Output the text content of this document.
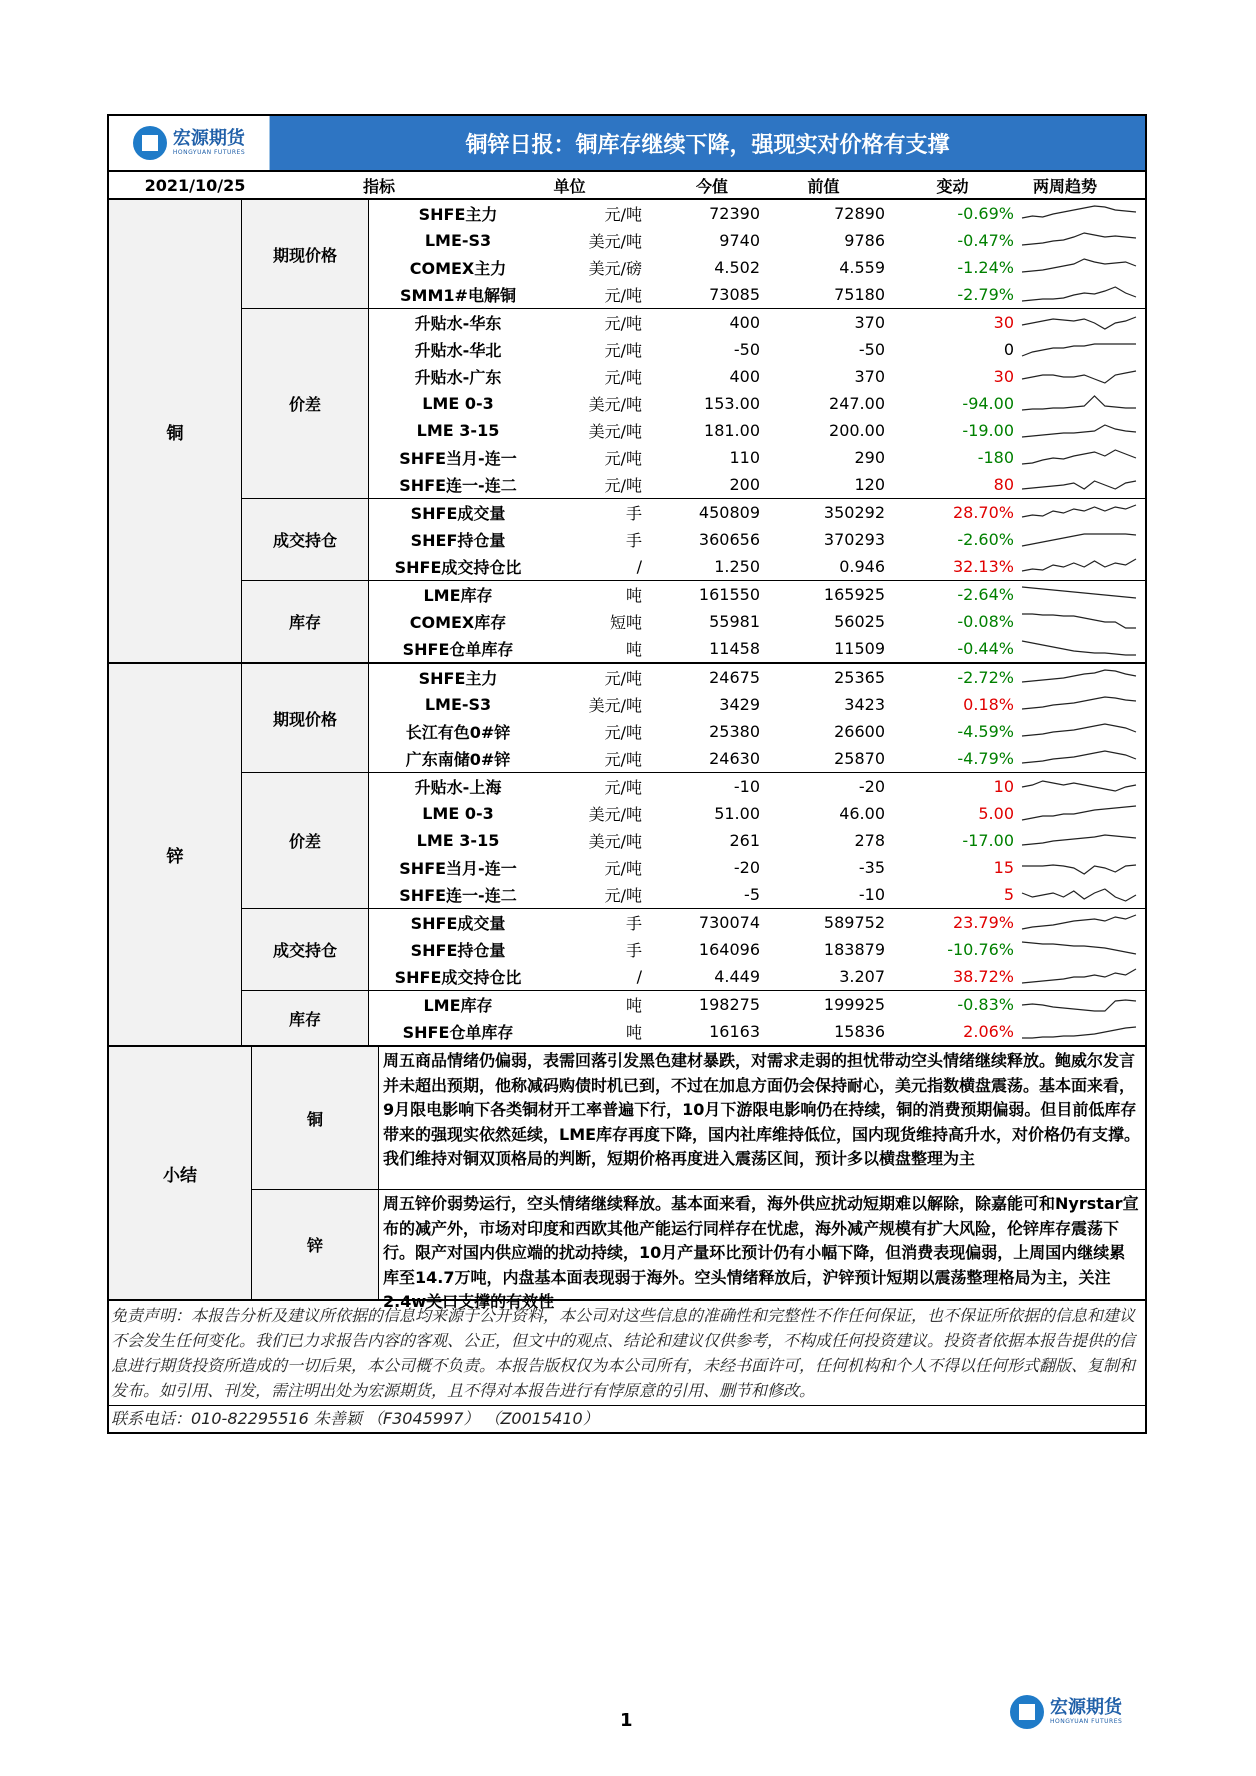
宏源期货
HONGYUAN FUTURES	铜锌日报：铜库存继续下降，强现实对价格有支撑
2021/10/25	指标	单位	今值	前值	变动	两周趋势
铜
期现价格
SHFE主力	元/吨	72390	72890	-0.69%
LME-S3	美元/吨	9740	9786	-0.47%
COMEX主力	美元/磅	4.502	4.559	-1.24%
SMM1#电解铜	元/吨	73085	75180	-2.79%
价差
升贴水-华东	元/吨	400	370	30
升贴水-华北	元/吨	-50	-50	0
升贴水-广东	元/吨	400	370	30
LME 0-3	美元/吨	153.00	247.00	-94.00
LME 3-15	美元/吨	181.00	200.00	-19.00
SHFE当月-连一	元/吨	110	290	-180
SHFE连一-连二	元/吨	200	120	80
成交持仓
SHFE成交量	手	450809	350292	28.70%
SHEF持仓量	手	360656	370293	-2.60%
SHFE成交持仓比	/	1.250	0.946	32.13%
库存
LME库存	吨	161550	165925	-2.64%
COMEX库存	短吨	55981	56025	-0.08%
SHFE仓单库存	吨	11458	11509	-0.44%
锌
期现价格
SHFE主力	元/吨	24675	25365	-2.72%
LME-S3	美元/吨	3429	3423	0.18%
长江有色0#锌	元/吨	25380	26600	-4.59%
广东南储0#锌	元/吨	24630	25870	-4.79%
价差
升贴水-上海	元/吨	-10	-20	10
LME 0-3	美元/吨	51.00	46.00	5.00
LME 3-15	美元/吨	261	278	-17.00
SHFE当月-连一	元/吨	-20	-35	15
SHFE连一-连二	元/吨	-5	-10	5
成交持仓
SHFE成交量	手	730074	589752	23.79%
SHFE持仓量	手	164096	183879	-10.76%
SHFE成交持仓比	/	4.449	3.207	38.72%
库存
LME库存	吨	198275	199925	-0.83%
SHFE仓单库存	吨	16163	15836	2.06%
小结
铜
周五商品情绪仍偏弱，表需回落引发黑色建材暴跌，对需求走弱的担忧带动空头情绪继续释放。鲍威尔发言并未超出预期，他称减码购债时机已到，不过在加息方面仍会保持耐心，美元指数横盘震荡。基本面来看，9月限电影响下各类铜材开工率普遍下行，10月下游限电影响仍在持续，铜的消费预期偏弱。但目前低库存带来的强现实依然延续，LME库存再度下降，国内社库维持低位，国内现货维持高升水，对价格仍有支撑。我们维持对铜双顶格局的判断，短期价格再度进入震荡区间，预计多以横盘整理为主
锌
周五锌价弱势运行，空头情绪继续释放。基本面来看，海外供应扰动短期难以解除，除嘉能可和Nyrstar宣布的减产外，市场对印度和西欧其他产能运行同样存在忧虑，海外减产规模有扩大风险，伦锌库存震荡下行。限产对国内供应端的扰动持续，10月产量环比预计仍有小幅下降，但消费表现偏弱，上周国内继续累库至14.7万吨，内盘基本面表现弱于海外。空头情绪释放后，沪锌预计短期以震荡整理格局为主，关注2.4w关口支撑的有效性
免责声明：本报告分析及建议所依据的信息均来源于公开资料，本公司对这些信息的准确性和完整性不作任何保证，也不保证所依据的信息和建议不会发生任何变化。我们已力求报告内容的客观、公正，但文中的观点、结论和建议仅供参考，不构成任何投资建议。投资者依据本报告提供的信息进行期货投资所造成的一切后果，本公司概不负责。本报告版权仅为本公司所有，未经书面许可，任何机构和个人不得以任何形式翻版、复制和发布。如引用、刊发，需注明出处为宏源期货，且不得对本报告进行有悖原意的引用、删节和修改。
联系电话：010-82295516 朱善颖 （F3045997） （Z0015410）
1
宏源期货
HONGYUAN FUTURES
